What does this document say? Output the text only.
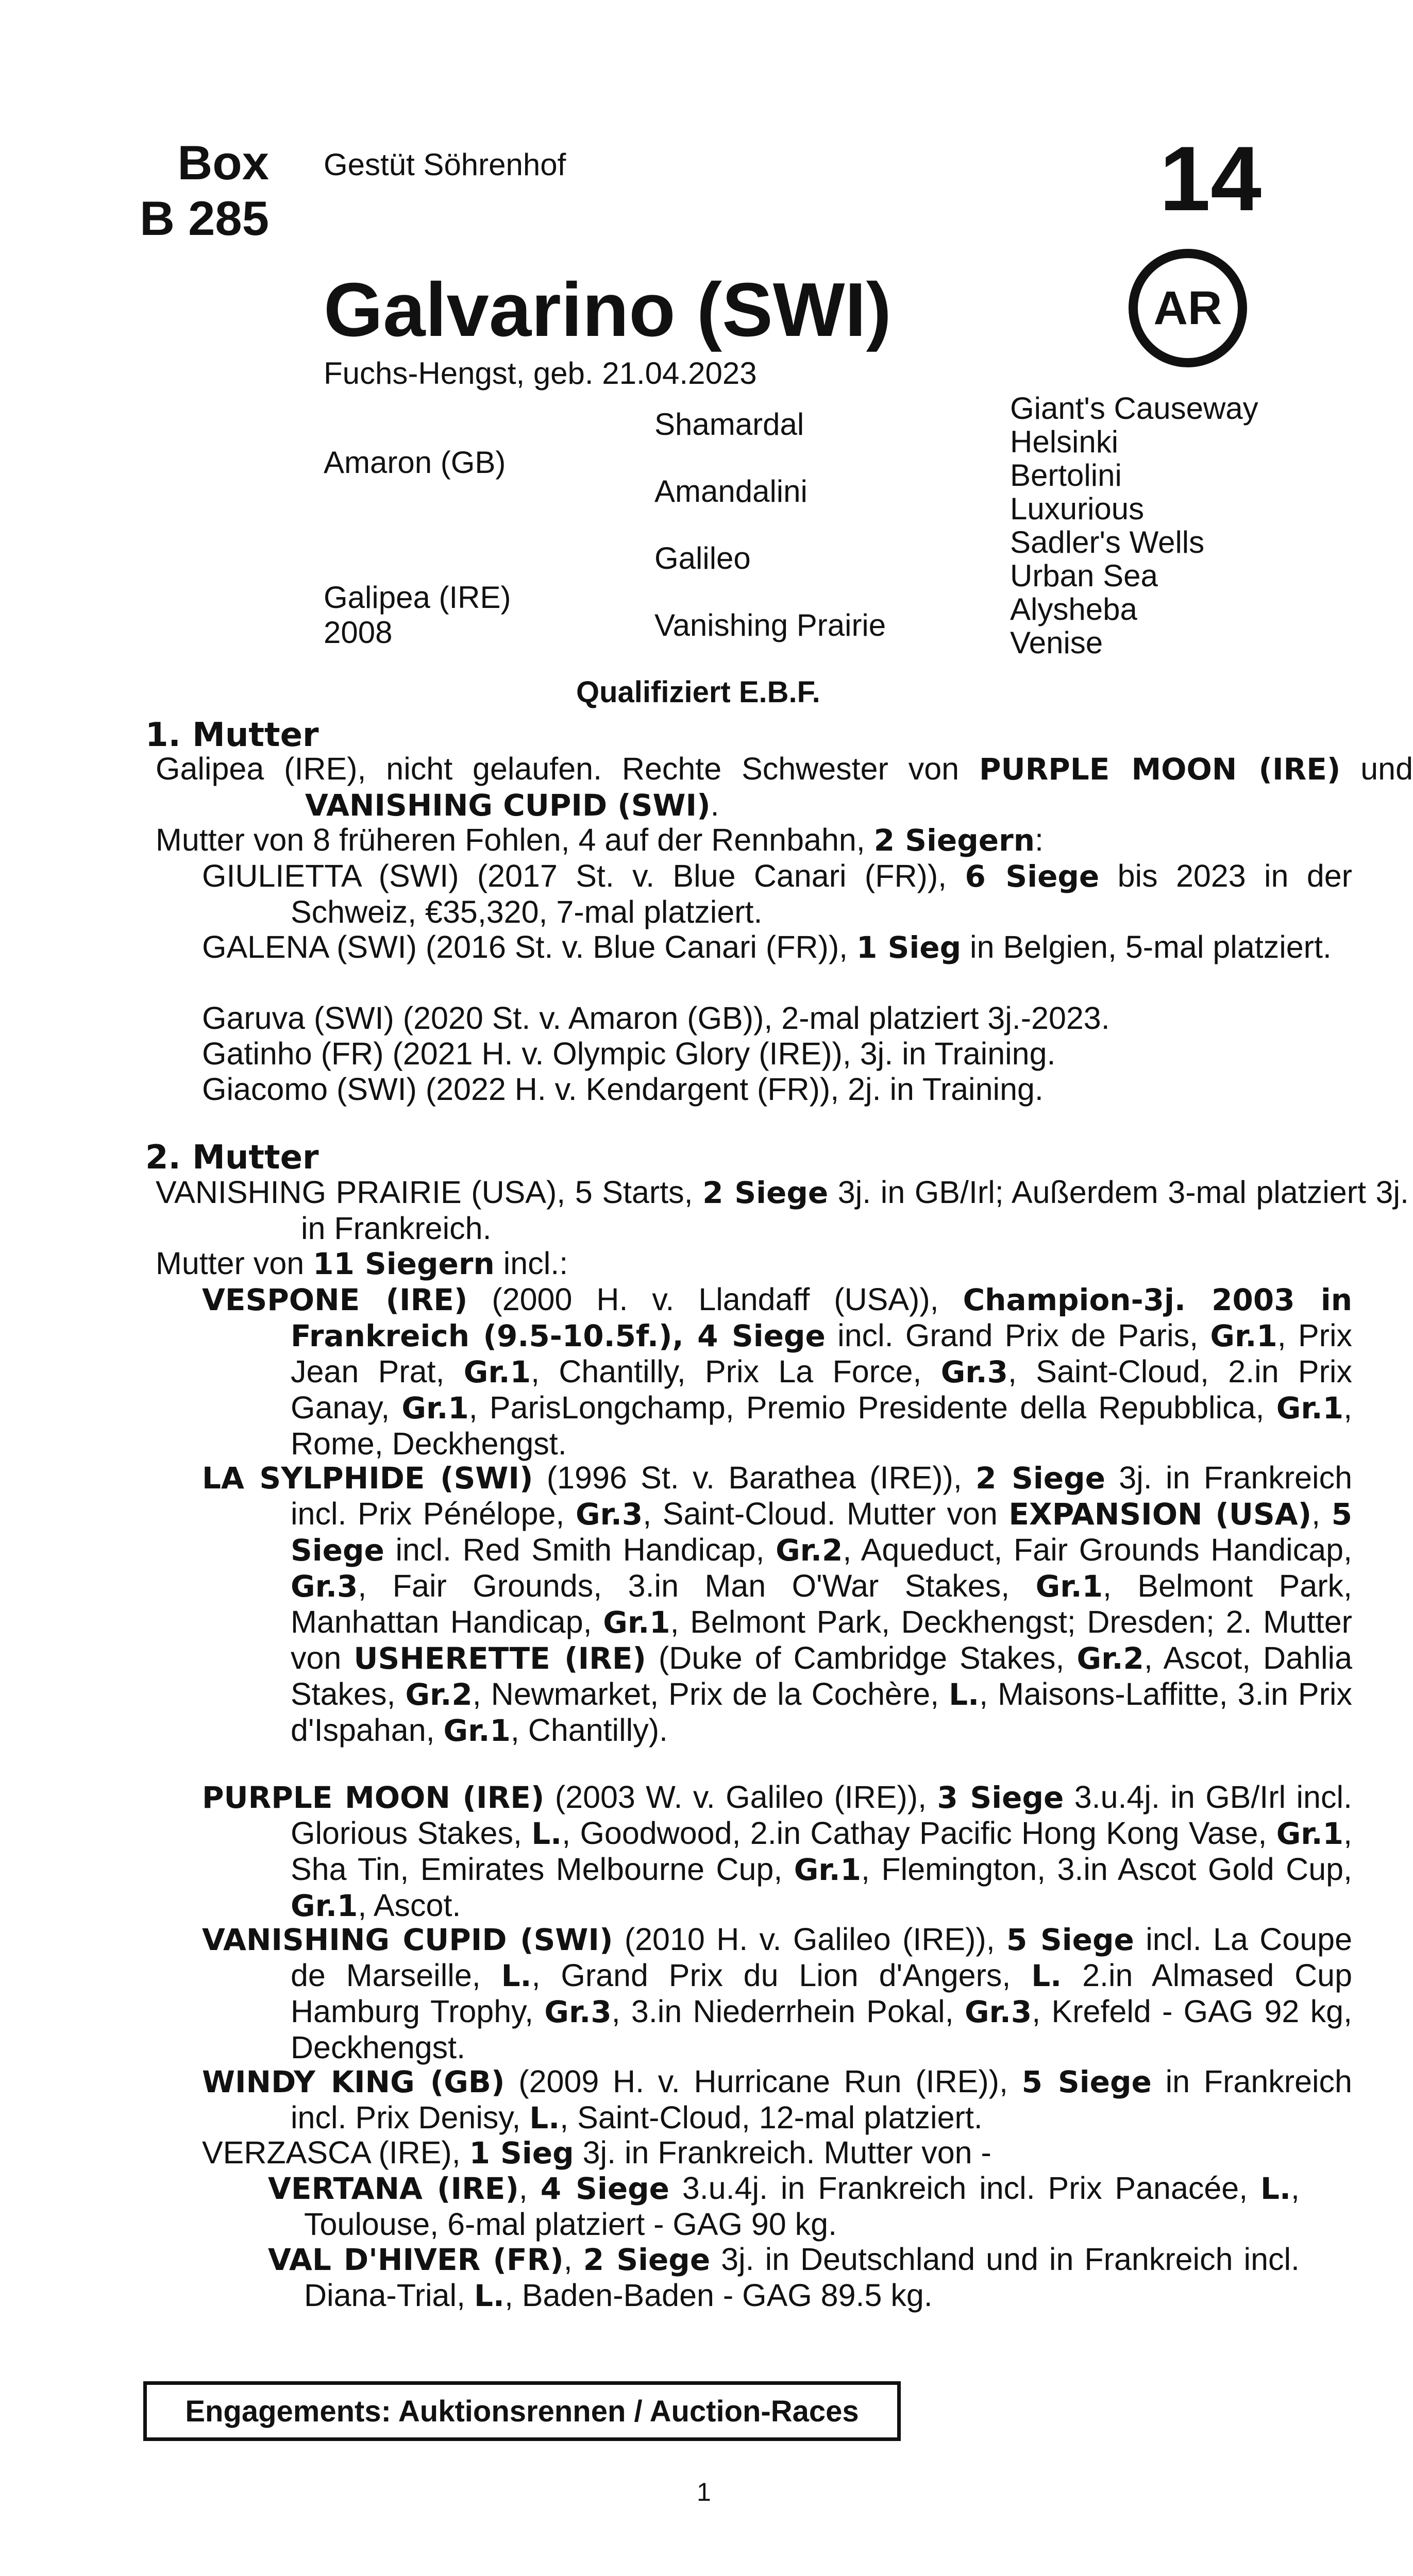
Box
B 285
Gestüt Söhrenhof	14
AR
Galvarino (SWI)
Fuchs-Hengst, geb. 21.04.2023
Amaron (GB)
Galipea (IRE)
2008
Shamardal
Amandalini
Galileo
Vanishing Prairie
Giant's Causeway
Helsinki
Bertolini
Luxurious
Sadler's Wells
Urban Sea
Alysheba
Venise
Qualifiziert E.B.F.
1. Mutter
Galipea (IRE), nicht gelaufen. Rechte Schwester von PURPLE MOON (IRE) und VANISHING CUPID (SWI).
Mutter von 8 früheren Fohlen, 4 auf der Rennbahn, 2 Siegern:
GIULIETTA (SWI) (2017 St. v. Blue Canari (FR)), 6 Siege bis 2023 in der Schweiz, €35,320, 7-mal platziert.
GALENA (SWI) (2016 St. v. Blue Canari (FR)), 1 Sieg in Belgien, 5-mal platziert.
Garuva (SWI) (2020 St. v. Amaron (GB)), 2-mal platziert 3j.-2023.
Gatinho (FR) (2021 H. v. Olympic Glory (IRE)), 3j. in Training.
Giacomo (SWI) (2022 H. v. Kendargent (FR)), 2j. in Training.
2. Mutter
VANISHING PRAIRIE (USA), 5 Starts, 2 Siege 3j. in GB/Irl; Außerdem 3-mal platziert 3j. in Frankreich.
Mutter von 11 Siegern incl.:
VESPONE (IRE) (2000 H. v. Llandaff (USA)), Champion-3j. 2003 in Frankreich (9.5-10.5f.), 4 Siege incl. Grand Prix de Paris, Gr.1, Prix Jean Prat, Gr.1, Chantilly, Prix La Force, Gr.3, Saint-Cloud, 2.in Prix Ganay, Gr.1, ParisLongchamp, Premio Presidente della Repubblica, Gr.1, Rome, Deckhengst.
LA SYLPHIDE (SWI) (1996 St. v. Barathea (IRE)), 2 Siege 3j. in Frankreich incl. Prix Pénélope, Gr.3, Saint-Cloud. Mutter von EXPANSION (USA), 5 Siege incl. Red Smith Handicap, Gr.2, Aqueduct, Fair Grounds Handicap, Gr.3, Fair Grounds, 3.in Man O'War Stakes, Gr.1, Belmont Park, Manhattan Handicap, Gr.1, Belmont Park, Deckhengst; Dresden; 2. Mutter von USHERETTE (IRE) (Duke of Cambridge Stakes, Gr.2, Ascot, Dahlia Stakes, Gr.2, Newmarket, Prix de la Cochère, L., Maisons-Laffitte, 3.in Prix d'Ispahan, Gr.1, Chantilly).
PURPLE MOON (IRE) (2003 W. v. Galileo (IRE)), 3 Siege 3.u.4j. in GB/Irl incl. Glorious Stakes, L., Goodwood, 2.in Cathay Pacific Hong Kong Vase, Gr.1, Sha Tin, Emirates Melbourne Cup, Gr.1, Flemington, 3.in Ascot Gold Cup, Gr.1, Ascot.
VANISHING CUPID (SWI) (2010 H. v. Galileo (IRE)), 5 Siege incl. La Coupe de Marseille, L., Grand Prix du Lion d'Angers, L. 2.in Almased Cup Hamburg Trophy, Gr.3, 3.in Niederrhein Pokal, Gr.3, Krefeld - GAG 92 kg, Deckhengst.
WINDY KING (GB) (2009 H. v. Hurricane Run (IRE)), 5 Siege in Frankreich incl. Prix Denisy, L., Saint-Cloud, 12-mal platziert.
VERZASCA (IRE), 1 Sieg 3j. in Frankreich. Mutter von -
VERTANA (IRE), 4 Siege 3.u.4j. in Frankreich incl. Prix Panacée, L., Toulouse, 6-mal platziert - GAG 90 kg.
VAL D'HIVER (FR), 2 Siege 3j. in Deutschland und in Frankreich incl. Diana-Trial, L., Baden-Baden - GAG 89.5 kg.
Engagements: Auktionsrennen / Auction-Races
1
